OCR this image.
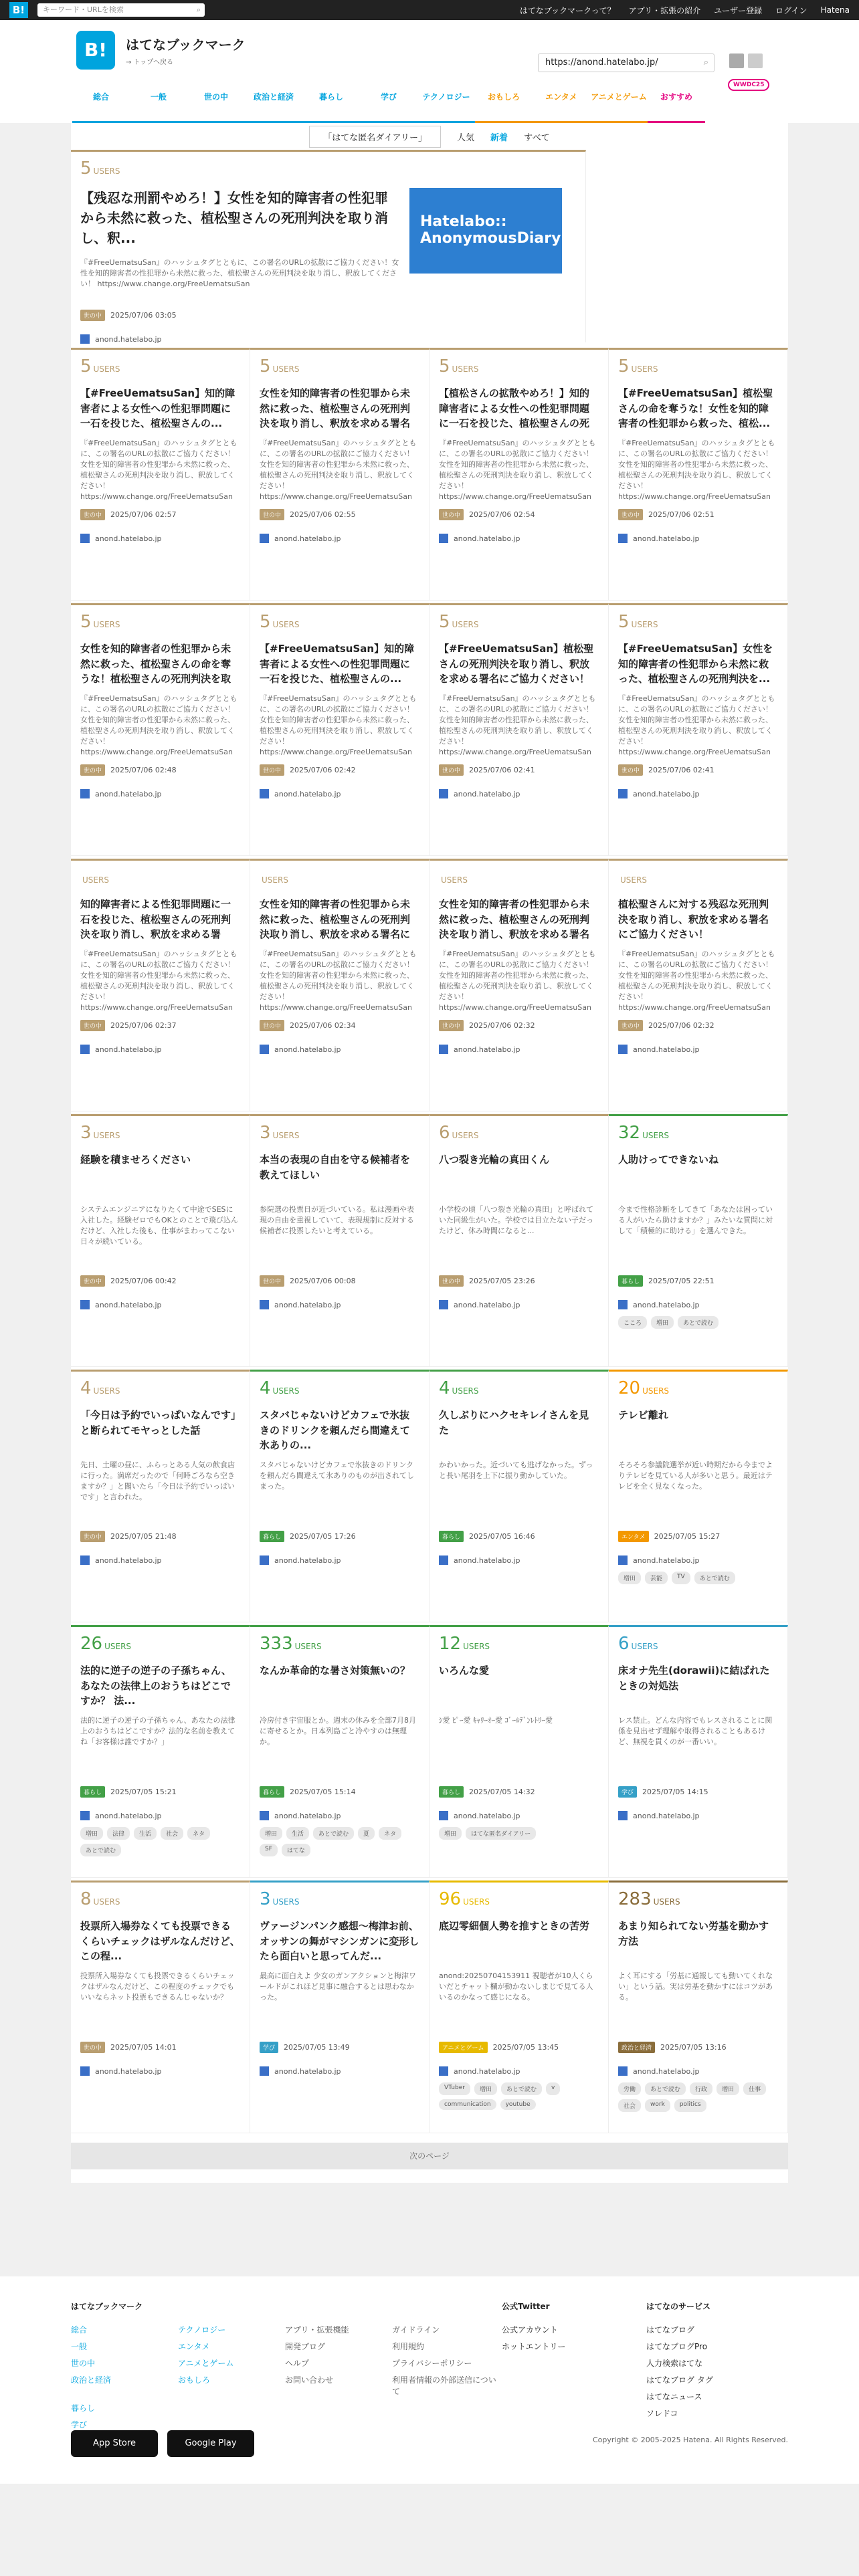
B!	キーワード・URLを検索	⌕	はてなブックマークって？ アプリ・拡張の紹介 ユーザー登録 ログイン Hatena
B!	はてなブックマーク
→ トップへ戻る	https://anond.hatelabo.jp/	⌕
WWDC25
総合	一般	世の中	政治と経済	暮らし	学び	テクノロジー	おもしろ	エンタメ	アニメとゲーム	おすすめ
「はてな匿名ダイアリー」	人気 新着 すべて
5 USERS
【残忍な刑罰やめろ！】女性を知的障害者の性犯罪から未然に救った、植松聖さんの死刑判決を取り消し、釈...
『#FreeUematsuSan』のハッシュタグとともに、この署名のURLの拡散にご協力ください！女性を知的障害者の性犯罪から未然に救った、植松聖さんの死刑判決を取り消し、釈放してください！ https://www.change.org/FreeUematsuSan
世の中	2025/07/06 03:05
anond.hatelabo.jp
Hatelabo:: AnonymousDiary
5 USERS
【#FreeUematsuSan】知的障害者による女性への性犯罪問題に一石を投じた、植松聖さんの...
『#FreeUematsuSan』のハッシュタグとともに、この署名のURLの拡散にご協力ください！女性を知的障害者の性犯罪から未然に救った、植松聖さんの死刑判決を取り消し、釈放してください！ https://www.change.org/FreeUematsuSan
世の中	2025/07/06 02:57
anond.hatelabo.jp
5 USERS
女性を知的障害者の性犯罪から未然に救った、植松聖さんの死刑判決を取り消し、釈放を求める署名
『#FreeUematsuSan』のハッシュタグとともに、この署名のURLの拡散にご協力ください！女性を知的障害者の性犯罪から未然に救った、植松聖さんの死刑判決を取り消し、釈放してください！ https://www.change.org/FreeUematsuSan
世の中	2025/07/06 02:55
anond.hatelabo.jp
5 USERS
【植松さんの拡散やめろ！】知的障害者による女性への性犯罪問題に一石を投じた、植松聖さんの死
『#FreeUematsuSan』のハッシュタグとともに、この署名のURLの拡散にご協力ください！女性を知的障害者の性犯罪から未然に救った、植松聖さんの死刑判決を取り消し、釈放してください！ https://www.change.org/FreeUematsuSan
世の中	2025/07/06 02:54
anond.hatelabo.jp
5 USERS
【#FreeUematsuSan】植松聖さんの命を奪うな！女性を知的障害者の性犯罪から救った、植松...
『#FreeUematsuSan』のハッシュタグとともに、この署名のURLの拡散にご協力ください！女性を知的障害者の性犯罪から未然に救った、植松聖さんの死刑判決を取り消し、釈放してください！ https://www.change.org/FreeUematsuSan
世の中	2025/07/06 02:51
anond.hatelabo.jp
5 USERS
女性を知的障害者の性犯罪から未然に救った、植松聖さんの命を奪うな！植松聖さんの死刑判決を取
『#FreeUematsuSan』のハッシュタグとともに、この署名のURLの拡散にご協力ください！女性を知的障害者の性犯罪から未然に救った、植松聖さんの死刑判決を取り消し、釈放してください！ https://www.change.org/FreeUematsuSan
世の中	2025/07/06 02:48
anond.hatelabo.jp
5 USERS
【#FreeUematsuSan】知的障害者による女性への性犯罪問題に一石を投じた、植松聖さんの...
『#FreeUematsuSan』のハッシュタグとともに、この署名のURLの拡散にご協力ください！女性を知的障害者の性犯罪から未然に救った、植松聖さんの死刑判決を取り消し、釈放してください！ https://www.change.org/FreeUematsuSan
世の中	2025/07/06 02:42
anond.hatelabo.jp
5 USERS
【#FreeUematsuSan】植松聖さんの死刑判決を取り消し、釈放を求める署名にご協力ください！
『#FreeUematsuSan』のハッシュタグとともに、この署名のURLの拡散にご協力ください！女性を知的障害者の性犯罪から未然に救った、植松聖さんの死刑判決を取り消し、釈放してください！ https://www.change.org/FreeUematsuSan
世の中	2025/07/06 02:41
anond.hatelabo.jp
5 USERS
【#FreeUematsuSan】女性を知的障害者の性犯罪から未然に救った、植松聖さんの死刑判決を...
『#FreeUematsuSan』のハッシュタグとともに、この署名のURLの拡散にご協力ください！女性を知的障害者の性犯罪から未然に救った、植松聖さんの死刑判決を取り消し、釈放してください！ https://www.change.org/FreeUematsuSan
世の中	2025/07/06 02:41
anond.hatelabo.jp
USERS
知的障害者による性犯罪問題に一石を投じた、植松聖さんの死刑判決を取り消し、釈放を求める署
『#FreeUematsuSan』のハッシュタグとともに、この署名のURLの拡散にご協力ください！女性を知的障害者の性犯罪から未然に救った、植松聖さんの死刑判決を取り消し、釈放してください！ https://www.change.org/FreeUematsuSan
世の中	2025/07/06 02:37
anond.hatelabo.jp
USERS
女性を知的障害者の性犯罪から未然に救った、植松聖さんの死刑判決取り消し、釈放を求める署名に
『#FreeUematsuSan』のハッシュタグとともに、この署名のURLの拡散にご協力ください！女性を知的障害者の性犯罪から未然に救った、植松聖さんの死刑判決を取り消し、釈放してください！ https://www.change.org/FreeUematsuSan
世の中	2025/07/06 02:34
anond.hatelabo.jp
USERS
女性を知的障害者の性犯罪から未然に救った、植松聖さんの死刑判決を取り消し、釈放を求める署名
『#FreeUematsuSan』のハッシュタグとともに、この署名のURLの拡散にご協力ください！女性を知的障害者の性犯罪から未然に救った、植松聖さんの死刑判決を取り消し、釈放してください！ https://www.change.org/FreeUematsuSan
世の中	2025/07/06 02:32
anond.hatelabo.jp
USERS
植松聖さんに対する残忍な死刑判決を取り消し、釈放を求める署名にご協力ください！
『#FreeUematsuSan』のハッシュタグとともに、この署名のURLの拡散にご協力ください！女性を知的障害者の性犯罪から未然に救った、植松聖さんの死刑判決を取り消し、釈放してください！ https://www.change.org/FreeUematsuSan
世の中	2025/07/06 02:32
anond.hatelabo.jp
3 USERS
経験を積ませろください
システムエンジニアになりたくて中途でSESに入社した。経験ゼロでもOKとのことで飛び込んだけど、入社した後も、仕事がまわってこない日々が続いている。
世の中	2025/07/06 00:42
anond.hatelabo.jp
3 USERS
本当の表現の自由を守る候補者を教えてほしい
参院選の投票日が近づいている。私は漫画や表現の自由を重視していて、表現規制に反対する候補者に投票したいと考えている。
世の中	2025/07/06 00:08
anond.hatelabo.jp
6 USERS
八つ裂き光輪の真田くん
小学校の頃「八つ裂き光輪の真田」と呼ばれていた同級生がいた。学校では目立たない子だったけど、休み時間になると...
世の中	2025/07/05 23:26
anond.hatelabo.jp
32 USERS
人助けってできないね
今まで性格診断をしてきて「あなたは困っている人がいたら助けますか？」みたいな質問に対して「積極的に助ける」を選んできた。
暮らし	2025/07/05 22:51
anond.hatelabo.jp
こころ	増田	あとで読む
4 USERS
「今日は予約でいっぱいなんです」と断られてモヤっとした話
先日、土曜の昼に、ふらっとある人気の飲食店に行った。満席だったので「何時ごろなら空きますか？」と聞いたら「今日は予約でいっぱいです」と言われた。
世の中	2025/07/05 21:48
anond.hatelabo.jp
4 USERS
スタバじゃないけどカフェで氷抜きのドリンクを頼んだら間違えて氷ありの...
スタバじゃないけどカフェで氷抜きのドリンクを頼んだら間違えて氷ありのものが出されてしまった。
暮らし	2025/07/05 17:26
anond.hatelabo.jp
4 USERS
久しぶりにハクセキレイさんを見た
かわいかった。近づいても逃げなかった。ずっと長い尾羽を上下に振り動かしていた。
暮らし	2025/07/05 16:46
anond.hatelabo.jp
20 USERS
テレビ離れ
そろそろ参議院選挙が近い時期だから今までよりテレビを見ている人が多いと思う。最近はテレビを全く見なくなった。
エンタメ	2025/07/05 15:27
anond.hatelabo.jp
増田	芸能	TV	あとで読む
26 USERS
法的に逆子の逆子の子孫ちゃん、あなたの法律上のおうちはどこですか？ 法...
法的に逆子の逆子の子孫ちゃん、あなたの法律上のおうちはどこですか？法的な名前を教えてね「お客様は誰ですか？」
暮らし	2025/07/05 15:21
anond.hatelabo.jp
増田	法律	生活	社会	ネタ
あとで読む
333 USERS
なんか革命的な暑さ対策無いの？
冷房付き宇宙服とか。週末の休みを全部7月8月に寄せるとか。日本列島ごと冷やすのは無理か。
暮らし	2025/07/05 15:14
anond.hatelabo.jp
増田	生活	あとで読む	夏	ネタ
SF	はてな
12 USERS
いろんな愛
ｼ愛 ﾋﾟｰ愛 ｷｬﾘｰｵｰ愛 ｺﾞｰﾙﾃﾞﾝﾚﾄﾘｰ愛
暮らし	2025/07/05 14:32
anond.hatelabo.jp
増田	はてな匿名ダイアリー
6 USERS
床オナ先生(dorawii)に結ばれたときの対処法
レス禁止。どんな内容でもレスされることに関係を見出せず理解や取得されることもあるけど、無視を貫くのが一番いい。
学び	2025/07/05 14:15
anond.hatelabo.jp
8 USERS
投票所入場券なくても投票できるくらいチェックはザルなんだけど、この程...
投票所入場券なくても投票できるくらいチェックはザルなんだけど、この程度のチェックでもいいならネット投票もできるんじゃないか？
世の中	2025/07/05 14:01
anond.hatelabo.jp
3 USERS
ヴァージンパンク感想〜梅津お前、オッサンの舞がマシンガンに変形したら面白いと思ってんだ...
最高に面白えよ 少女のガンアクションと梅津ワールドがこれほど見事に融合するとは思わなかった。
学び	2025/07/05 13:49
anond.hatelabo.jp
96 USERS
底辺零細個人勢を推すときの苦労
anond:20250704153911 視聴者が10人くらいだとチャット欄が動かないしまじで見てる人いるのかなって感じになる。
アニメとゲーム	2025/07/05 13:45
anond.hatelabo.jp
VTuber	増田	あとで読む	v
communication	youtube
283 USERS
あまり知られてない労基を動かす方法
よく耳にする「労基に通報しても動いてくれない」という話。実は労基を動かすにはコツがある。
政治と経済	2025/07/05 13:16
anond.hatelabo.jp
労働	あとで読む	行政	増田	仕事
社会	work	politics
次のページ
はてなブックマーク
総合	テクノロジー	アプリ・拡張機能	ガイドライン
一般	エンタメ	開発ブログ	利用規約
世の中	アニメとゲーム	ヘルプ	プライバシーポリシー
政治と経済	おもしろ	お問い合わせ	利用者情報の外部送信について
暮らし
学び
公式Twitter
公式アカウント
ホットエントリー
はてなのサービス
はてなブログ
はてなブログPro
人力検索はてな
はてなブログ タグ
はてなニュース
ソレドコ
App Store	Google Play	Copyright © 2005-2025 Hatena. All Rights Reserved.
